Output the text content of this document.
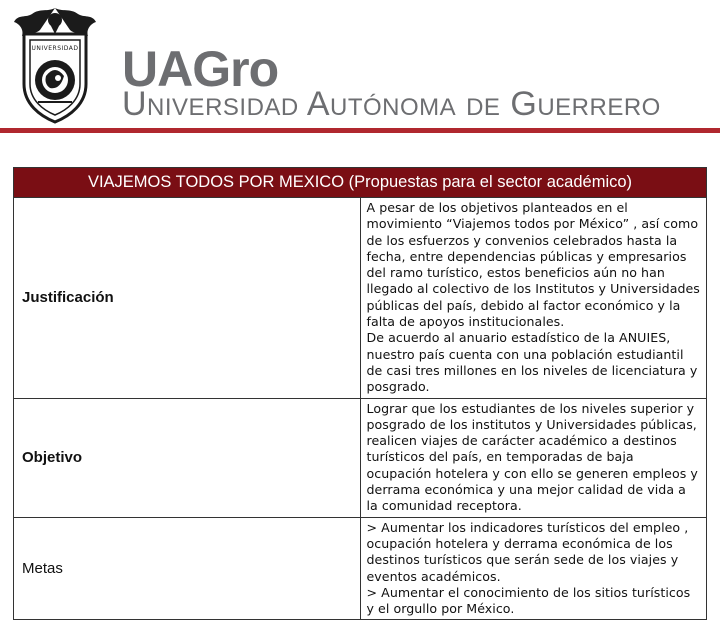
UNIVERSIDAD UAGro
Universidad Autónoma de Guerrero
VIAJEMOS TODOS POR MEXICO (Propuestas para el sector académico)	
Justificación	A pesar de los objetivos planteados en el movimiento “Viajemos todos por México” , así como de los esfuerzos y convenios celebrados hasta la fecha, entre dependencias públicas y empresarios del ramo turístico, estos beneficios aún no han llegado al colectivo de los Institutos y Universidades públicas del país, debido al factor económico y la falta de apoyos institucionales.

De acuerdo al anuario estadístico de la ANUIES, nuestro país cuenta con una población estudiantil de casi tres millones en los niveles de licenciatura y posgrado.

Objetivo	Lograr que los estudiantes de los niveles superior y posgrado de los institutos y Universidades públicas, realicen viajes de carácter académico a destinos turísticos del país, en temporadas de baja ocupación hotelera y con ello se generen empleos y derrama económica y una mejor calidad de vida a la comunidad receptora.

Metas	> Aumentar los indicadores turísticos del empleo , ocupación hotelera y derrama económica de los destinos turísticos que serán sede de los viajes y eventos académicos.

> Aumentar el conocimiento de los sitios turísticos y el orgullo por México.
